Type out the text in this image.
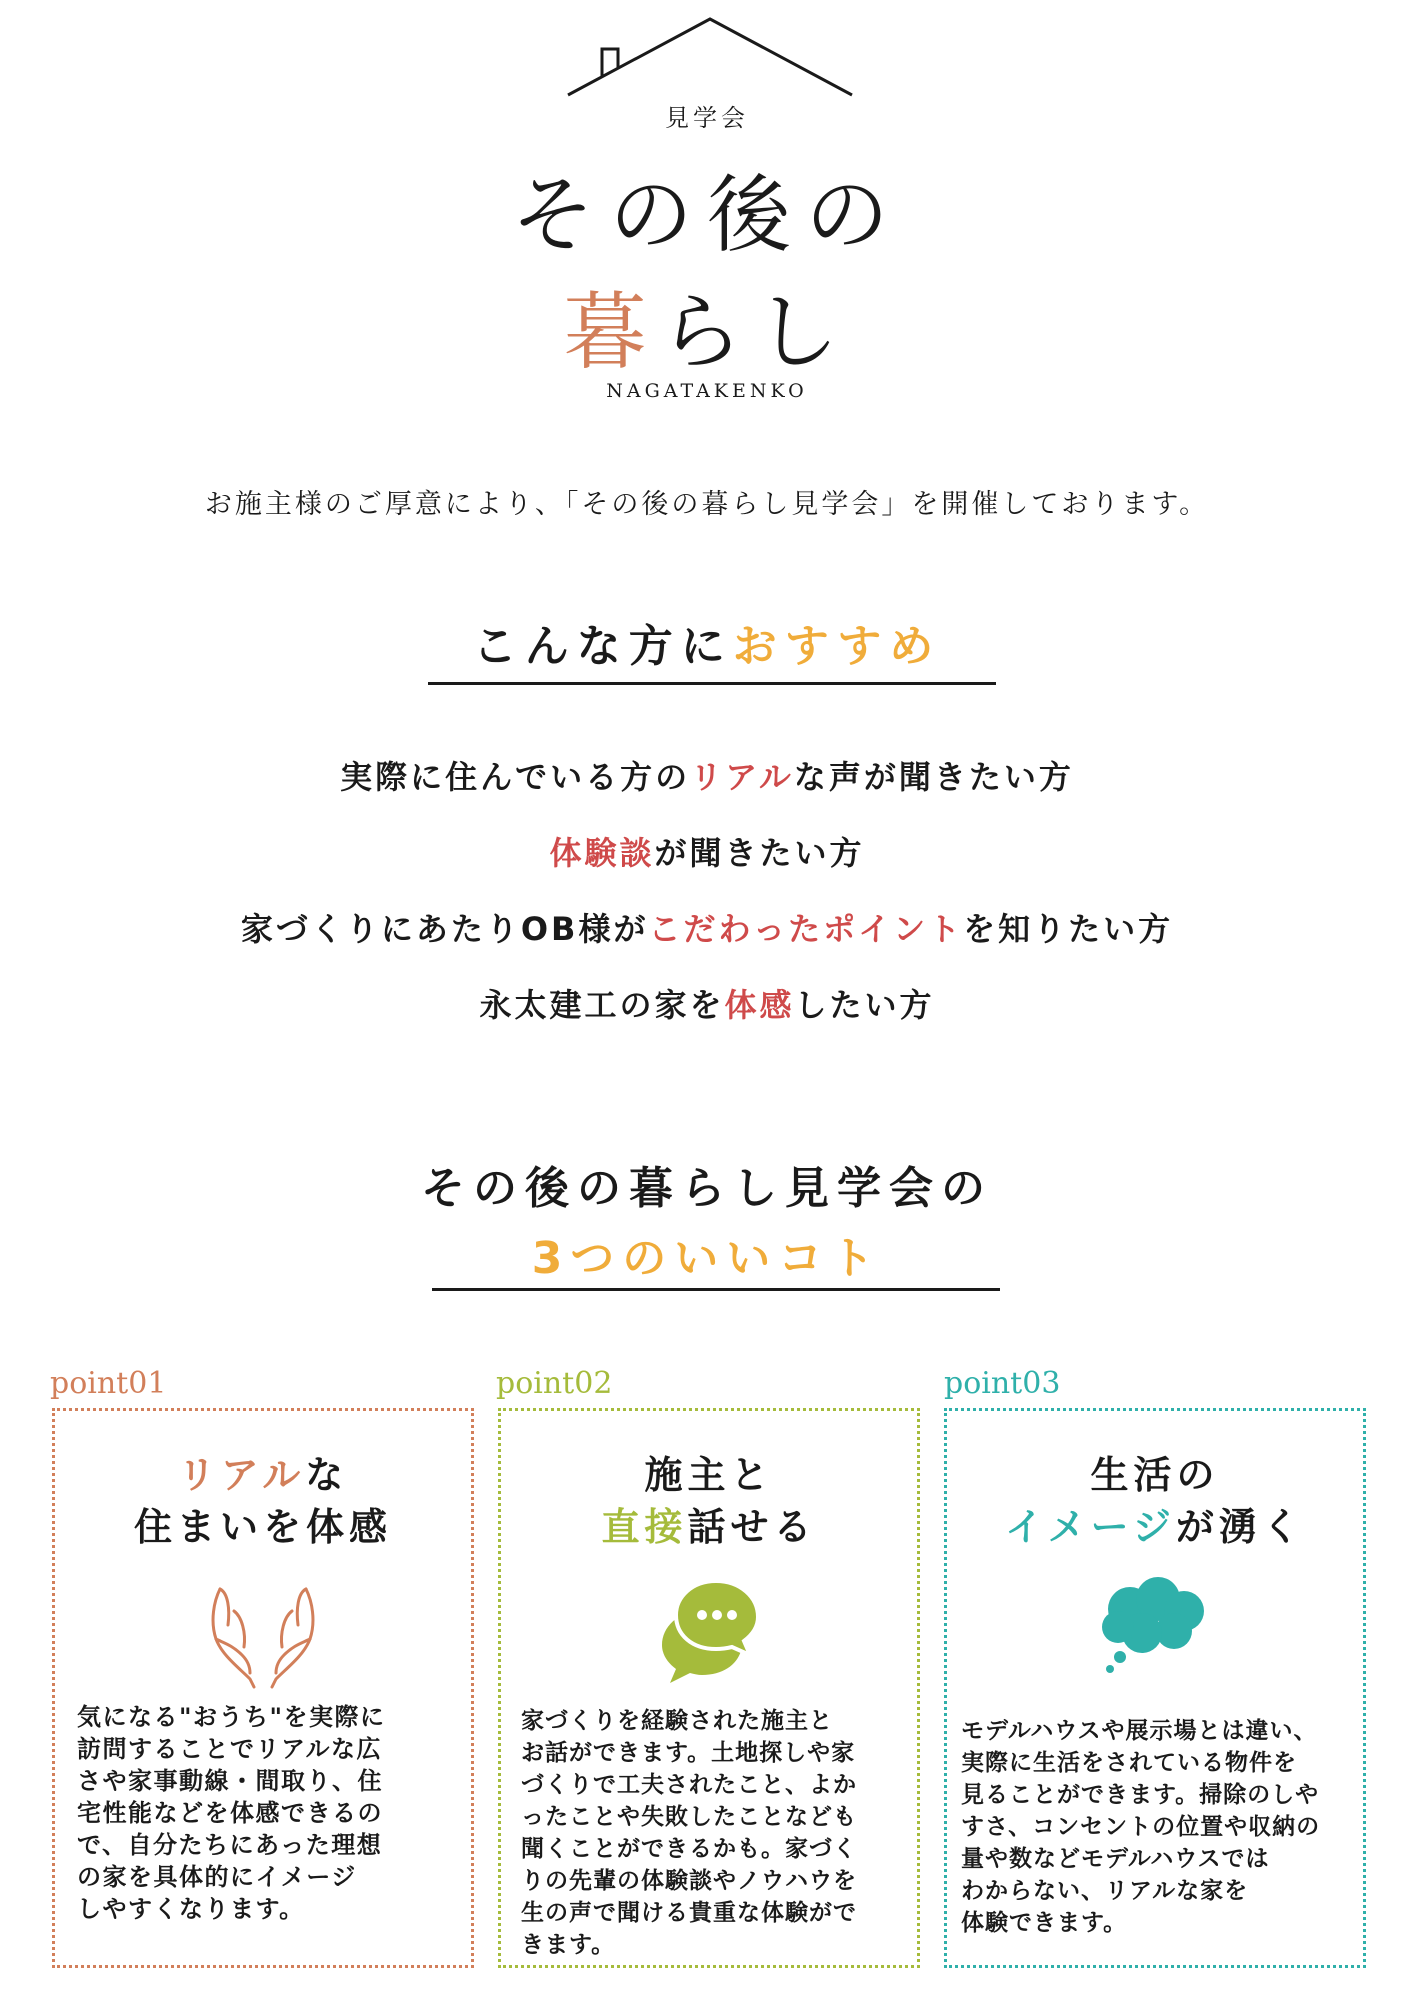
見学会
その後の
暮らし
NAGATAKENKO
お施主様のご厚意により、「その後の暮らし見学会」を開催しております。
こんな方におすすめ
実際に住んでいる方のリアルな声が聞きたい方
体験談が聞きたい方
家づくりにあたりOB様がこだわったポイントを知りたい方
永太建工の家を体感したい方
その後の暮らし見学会の
3つのいいコト
point01
リアルな
住まいを体感
気になる"おうち"を実際に
訪問することでリアルな広
さや家事動線・間取り、住
宅性能などを体感できるの
で、自分たちにあった理想
の家を具体的にイメージ
しやすくなります。
point02
施主と
直接話せる
家づくりを経験された施主と
お話ができます。土地探しや家
づくりで工夫されたこと、よか
ったことや失敗したことなども
聞くことができるかも。家づく
りの先輩の体験談やノウハウを
生の声で聞ける貴重な体験がで
きます。
point03
生活の
イメージが湧く
モデルハウスや展示場とは違い、
実際に生活をされている物件を
見ることができます。掃除のしや
すさ、コンセントの位置や収納の
量や数などモデルハウスでは
わからない、リアルな家を
体験できます。
